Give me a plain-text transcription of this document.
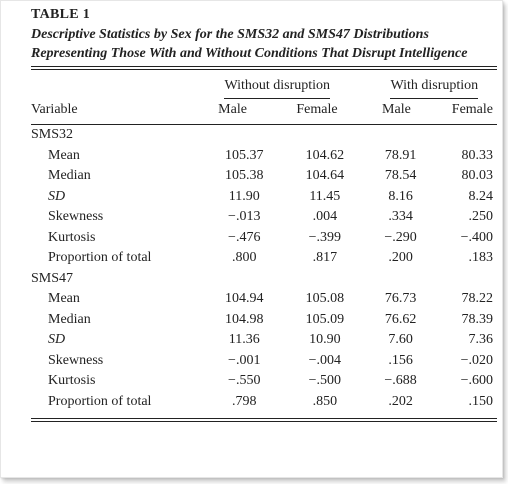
TABLE 1
Descriptive Statistics by Sex for the SMS32 and SMS47 Distributions Representing Those With and Without Conditions That Disrupt Intelligence
	Without disruption		With disruption	
Variable	Male	Female	Male	Female
SMS32				
Mean	105.37	104.62	78.91	80.33
Median	105.38	104.64	78.54	80.03
SD	11.90	11.45	8.16	8.24
Skewness	−.013	.004	.334	.250
Kurtosis	−.476	−.399	−.290	−.400
Proportion of total	.800	.817	.200	.183
SMS47				
Mean	104.94	105.08	76.73	78.22
Median	104.98	105.09	76.62	78.39
SD	11.36	10.90	7.60	7.36
Skewness	−.001	−.004	.156	−.020
Kurtosis	−.550	−.500	−.688	−.600
Proportion of total	.798	.850	.202	.150
